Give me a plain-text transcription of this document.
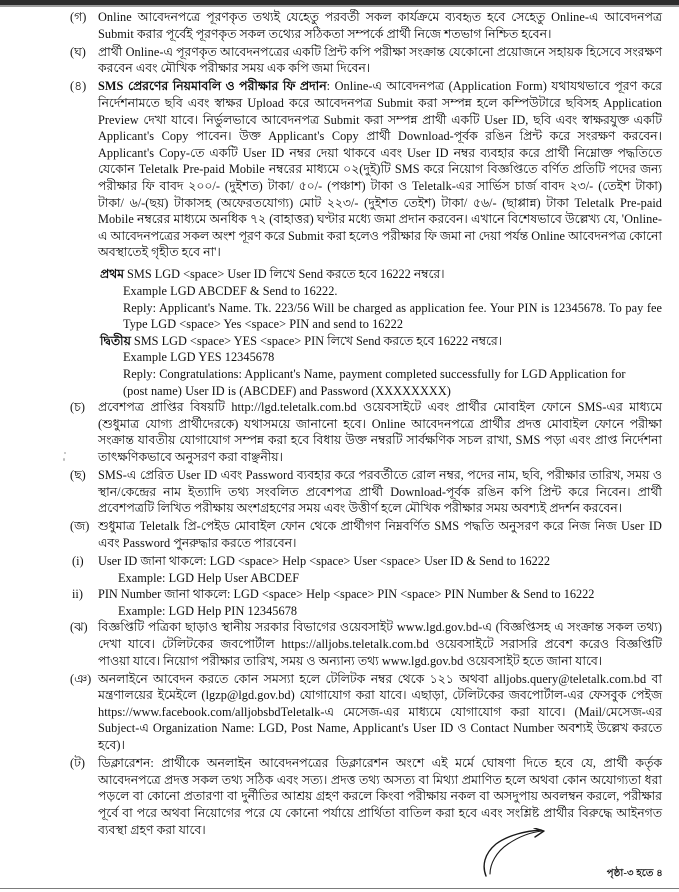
(গ) Online আবেদনপত্রে পূরণকৃত তথ্যই যেহেতু পরবর্তী সকল কার্যক্রমে ব্যবহৃত হবে সেহেতু Online-এ আবেদনপত্র Submit করার পূর্বেই পূরণকৃত সকল তথ্যের সঠিকতা সম্পর্কে প্রার্থী নিজে শতভাগ নিশ্চিত হবেন।
(ঘ) প্রার্থী Online-এ পূরণকৃত আবেদনপত্রের একটি প্রিন্ট কপি পরীক্ষা সংক্রান্ত যেকোনো প্রয়োজনে সহায়ক হিসেবে সংরক্ষণ করবেন এবং মৌখিক পরীক্ষার সময় এক কপি জমা দিবেন।
(৪) SMS প্রেরণের নিয়মাবলি ও পরীক্ষার ফি প্রদান: Online-এ আবেদনপত্র (Application Form) যথাযথভাবে পূরণ করে নির্দেশনামতে ছবি এবং স্বাক্ষর Upload করে আবেদনপত্র Submit করা সম্পন্ন হলে কম্পিউটারে ছবিসহ Application Preview দেখা যাবে। নির্ভুলভাবে আবেদনপত্র Submit করা সম্পন্ন প্রার্থী একটি User ID, ছবি এবং স্বাক্ষরযুক্ত একটি Applicant's Copy পাবেন। উক্ত Applicant's Copy প্রার্থী Download-পূর্বক রঙিন প্রিন্ট করে সংরক্ষণ করবেন। Applicant's Copy-তে একটি User ID নম্বর দেয়া থাকবে এবং User ID নম্বর ব্যবহার করে প্রার্থী নিম্নোক্ত পদ্ধতিতে যেকোন Teletalk Pre-paid Mobile নম্বরের মাধ্যমে ০২(দুই)টি SMS করে নিয়োগ বিজ্ঞপ্তিতে বর্ণিত প্রতিটি পদের জন্য পরীক্ষার ফি বাবদ ২০০/- (দুইশত) টাকা/ ৫০/- (পঞ্চাশ) টাকা ও Teletalk-এর সার্ভিস চার্জ বাবদ ২৩/- (তেইশ টাকা) টাকা/ ৬/-(ছয়) টাকাসহ (অফেরতযোগ্য) মোট ২২৩/- (দুইশত তেইশ) টাকা/ ৫৬/- (ছাপ্পান্ন) টাকা Teletalk Pre-paid Mobile নম্বরের মাধ্যমে অনধিক ৭২ (বাহাত্তর) ঘণ্টার মধ্যে জমা প্রদান করবেন। এখানে বিশেষভাবে উল্লেখ্য যে, 'Online-এ আবেদনপত্রের সকল অংশ পূরণ করে Submit করা হলেও পরীক্ষার ফি জমা না দেয়া পর্যন্ত Online আবেদনপত্র কোনো অবস্থাতেই গৃহীত হবে না'।
প্রথম SMS LGD <space> User ID লিখে Send করতে হবে 16222 নম্বরে।
Example LGD ABCDEF & Send to 16222.
Reply: Applicant's Name. Tk. 223/56 Will be charged as application fee. Your PIN is 12345678. To pay fee Type LGD <space> Yes <space> PIN and send to 16222
দ্বিতীয় SMS LGD <space> YES <space> PIN লিখে Send করতে হবে 16222 নম্বরে।
Example LGD YES 12345678
Reply: Congratulations: Applicant's Name, payment completed successfully for LGD Application for
(post name) User ID is (ABCDEF) and Password (XXXXXXXX)
(চ)	প্রবেশপত্র প্রাপ্তির বিষয়টি http://lgd.teletalk.com.bd ওয়েবসাইটে এবং প্রার্থীর মোবাইল ফোনে SMS-এর মাধ্যমে (শুধুমাত্র যোগ্য প্রার্থীদেরকে) যথাসময়ে জানানো হবে। Online আবেদনপত্রে প্রার্থীর প্রদত্ত মোবাইল ফোনে পরীক্ষা সংক্রান্ত যাবতীয় যোগাযোগ সম্পন্ন করা হবে বিধায় উক্ত নম্বরটি সার্বক্ষণিক সচল রাখা, SMS পড়া এবং প্রাপ্ত নির্দেশনা তাৎক্ষণিকভাবে অনুসরণ করা বাঞ্ছনীয়।
(ছ) SMS-এ প্রেরিত User ID এবং Password ব্যবহার করে পরবর্তীতে রোল নম্বর, পদের নাম, ছবি, পরীক্ষার তারিখ, সময় ও স্থান/কেন্দ্রের নাম ইত্যাদি তথ্য সংবলিত প্রবেশপত্র প্রার্থী Download-পূর্বক রঙিন কপি প্রিন্ট করে নিবেন। প্রার্থী প্রবেশপত্রটি লিখিত পরীক্ষায় অংশগ্রহণের সময় এবং উত্তীর্ণ হলে মৌখিক পরীক্ষার সময় অবশ্যই প্রদর্শন করবেন।
(জ) শুধুমাত্র Teletalk প্রি-পেইড মোবাইল ফোন থেকে প্রার্থীগণ নিম্নবর্ণিত SMS পদ্ধতি অনুসরণ করে নিজ নিজ User ID এবং Password পুনরুদ্ধার করতে পারবেন।
(i) User ID জানা থাকলে: LGD <space> Help <space> User <space> User ID & Send to 16222
Example: LGD Help User ABCDEF
ii) PIN Number জানা থাকলে: LGD <space> Help <space> PIN <space> PIN Number & Send to 16222
Example: LGD Help PIN 12345678
(ঝ) বিজ্ঞপ্তিটি পত্রিকা ছাড়াও স্থানীয় সরকার বিভাগের ওয়েবসাইট www.lgd.gov.bd-এ (বিজ্ঞপ্তিসহ এ সংক্রান্ত সকল তথ্য) দেখা যাবে। টেলিটকের জবপোর্টাল https://alljobs.teletalk.com.bd ওয়েবসাইটে সরাসরি প্রবেশ করেও বিজ্ঞপ্তিটি পাওয়া যাবে। নিয়োগ পরীক্ষার তারিখ, সময় ও অন্যান্য তথ্য www.lgd.gov.bd ওয়েবসাইট হতে জানা যাবে।
(ঞ) অনলাইনে আবেদন করতে কোন সমস্যা হলে টেলিটক নম্বর থেকে ১২১ অথবা alljobs.query@teletalk.com.bd বা মন্ত্রণালয়ের ইমেইলে (lgzp@lgd.gov.bd) যোগাযোগ করা যাবে। এছাড়া, টেলিটকের জবপোর্টাল-এর ফেসবুক পেইজ https://www.facebook.com/alljobsbdTeletalk-এ মেসেজ-এর মাধ্যমে যোগাযোগ করা যাবে। (Mail/মেসেজ-এর Subject-এ Organization Name: LGD, Post Name, Applicant's User ID ও Contact Number অবশ্যই উল্লেখ করতে হবে)।
(ট)	ডিক্লারেশন: প্রার্থীকে অনলাইন আবেদনপত্রের ডিক্লারেশন অংশে এই মর্মে ঘোষণা দিতে হবে যে, প্রার্থী কর্তৃক আবেদনপত্রে প্রদত্ত সকল তথ্য সঠিক এবং সত্য। প্রদত্ত তথ্য অসত্য বা মিথ্যা প্রমাণিত হলে অথবা কোন অযোগ্যতা ধরা পড়লে বা কোনো প্রতারণা বা দুর্নীতির আশ্রয় গ্রহণ করলে কিংবা পরীক্ষায় নকল বা অসদুপায় অবলম্বন করলে, পরীক্ষার পূর্বে বা পরে অথবা নিয়োগের পরে যে কোনো পর্যায়ে প্রার্থিতা বাতিল করা হবে এবং সংশ্লিষ্ট প্রার্থীর বিরুদ্ধে আইনগত ব্যবস্থা গ্রহণ করা যাবে।
পৃষ্ঠা-৩ হতে ৪
